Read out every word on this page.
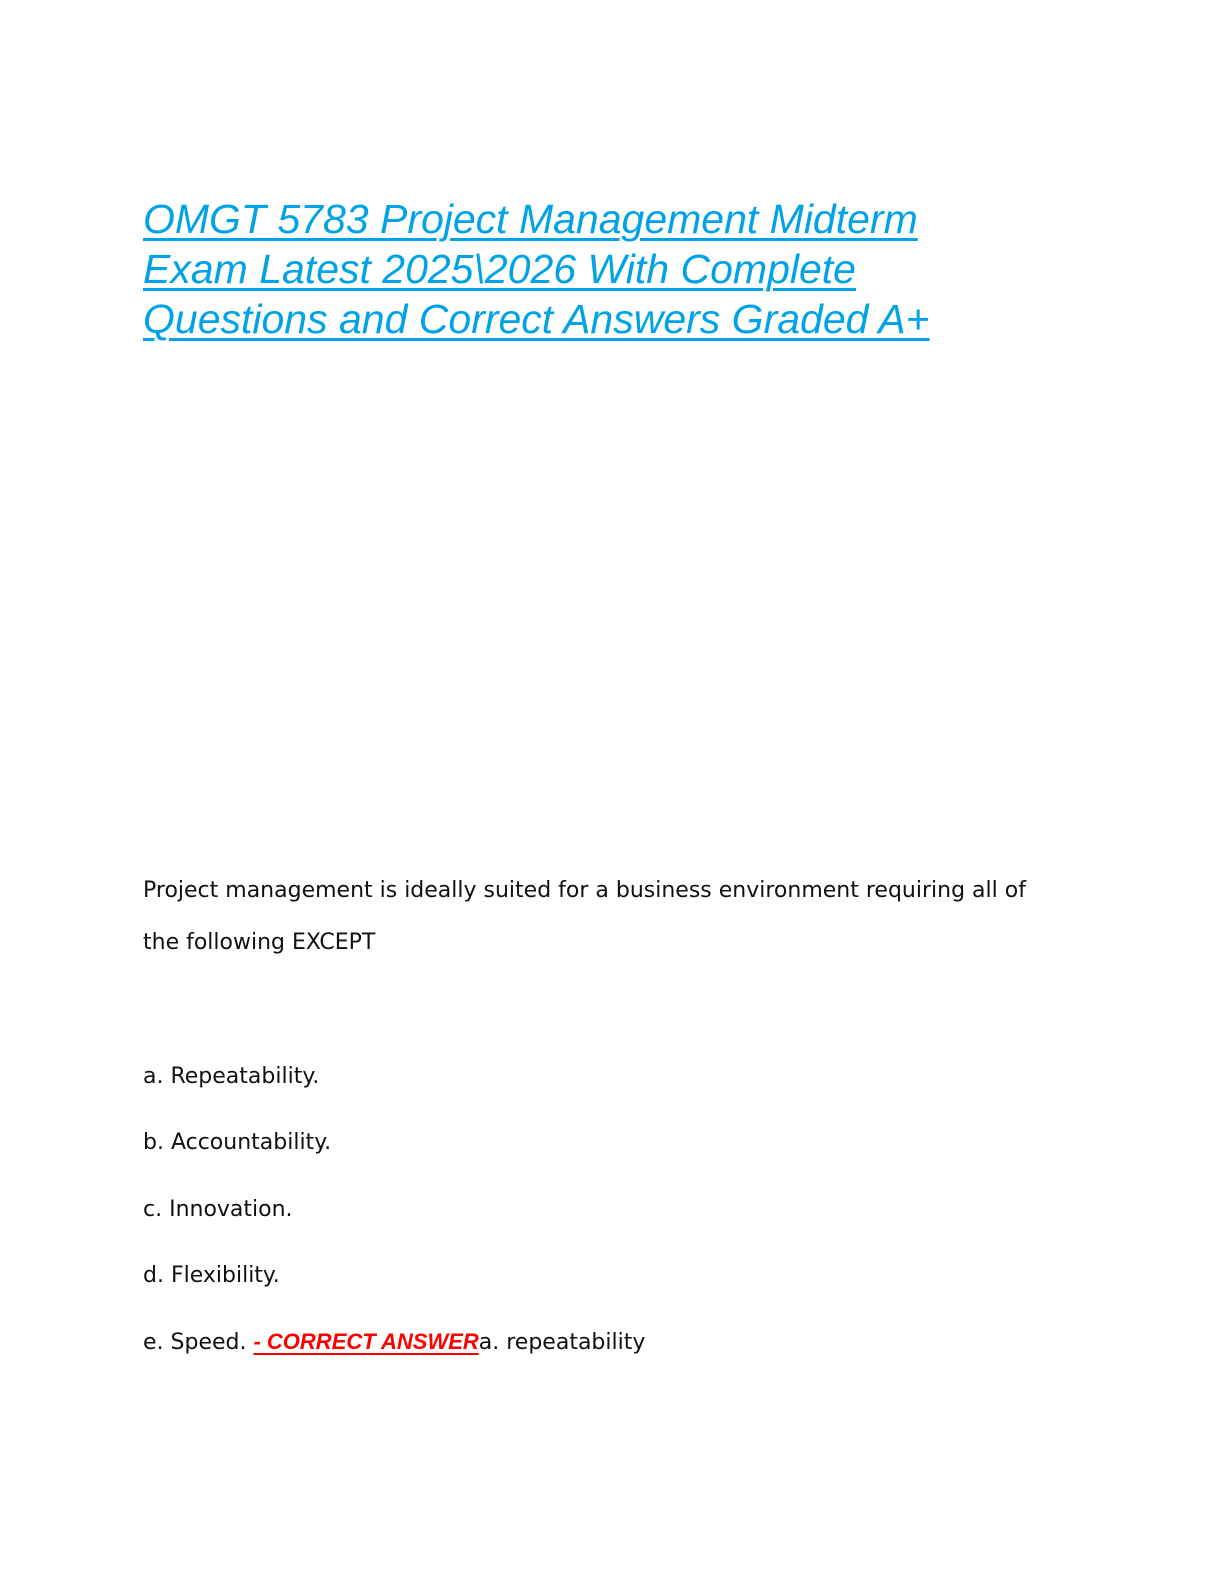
OMGT 5783 Project Management Midterm
Exam Latest 2025\2026 With Complete
Questions and Correct Answers Graded A+

Project management is ideally suited for a business environment requiring all of

the following EXCEPT

a. Repeatability.

b. Accountability.

c. Innovation.

d. Flexibility.

e. Speed. - CORRECT ANSWERa. repeatability
